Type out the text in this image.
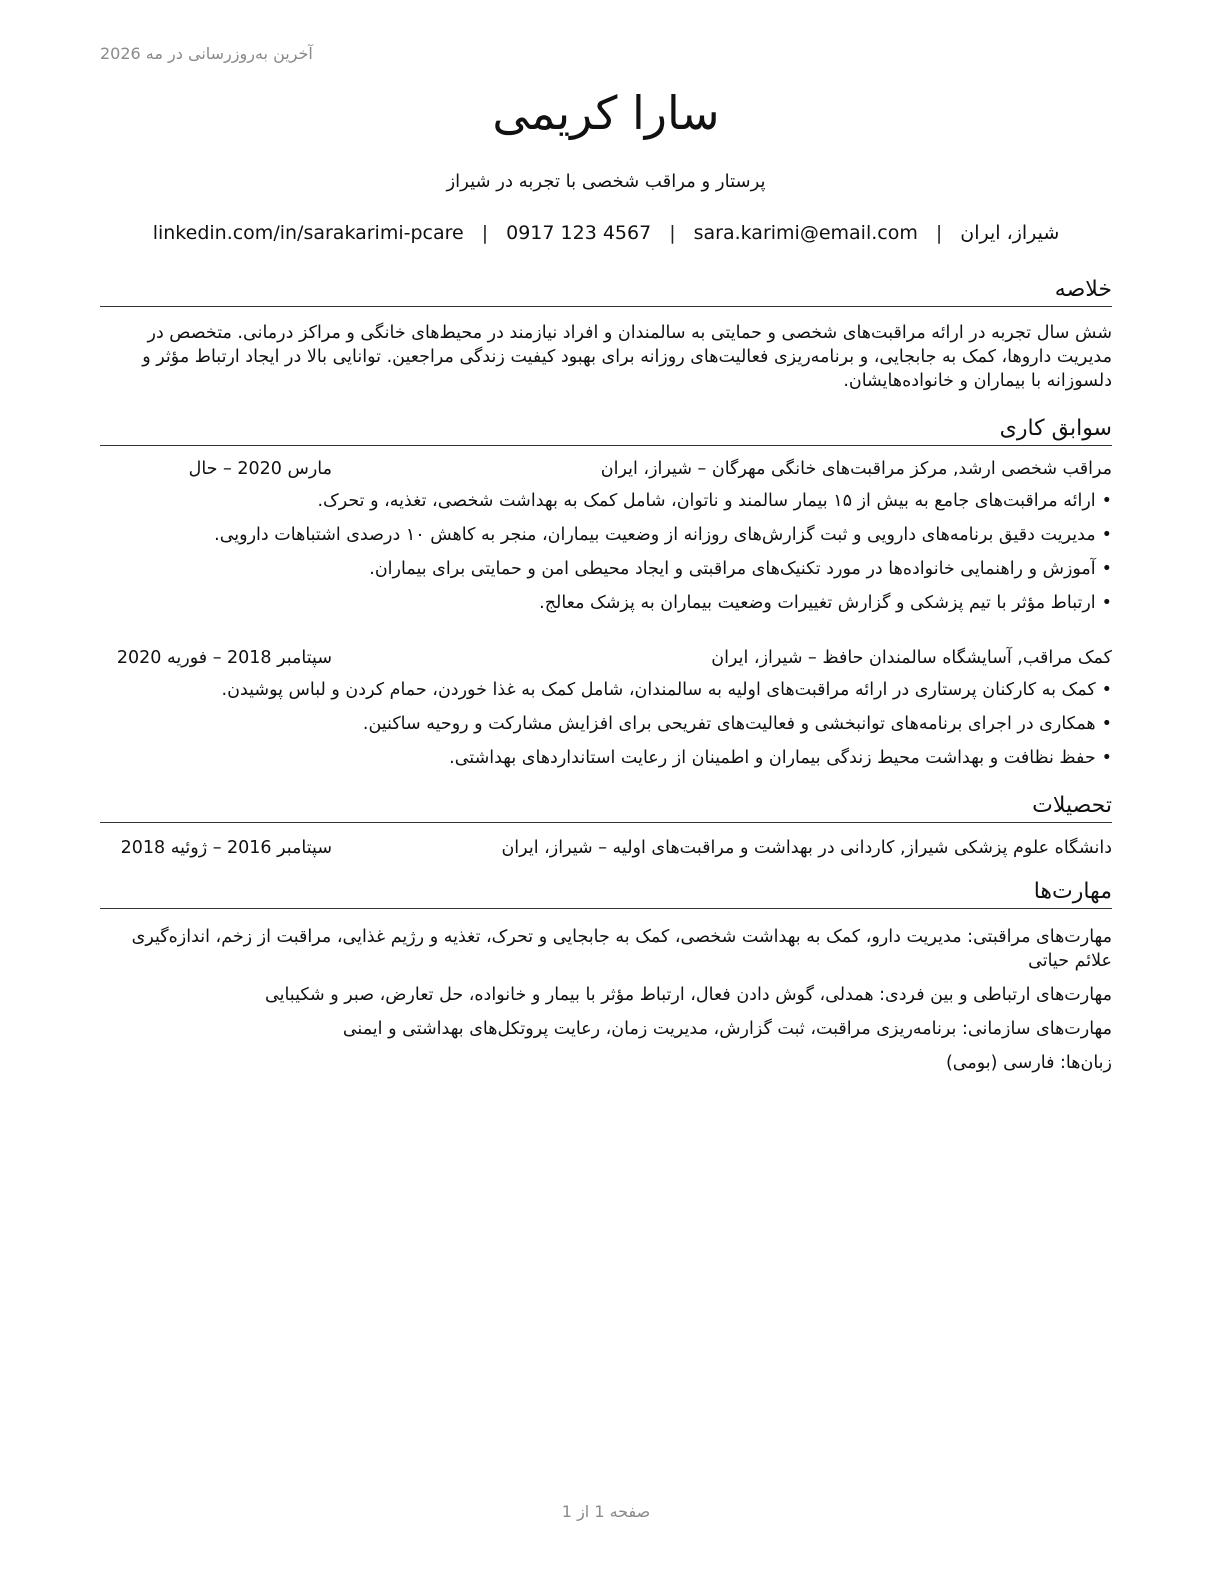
آخرین به‌روزرسانی در مه 2026
سارا کریمی
پرستار و مراقب شخصی با تجربه در شیراز
شیراز، ایران
|
sara.karimi@email.com
|
0917 123 4567
|
linkedin.com/in/sarakarimi-pcare
خلاصه
شش سال تجربه در ارائه مراقبت‌های شخصی و حمایتی به سالمندان و افراد نیازمند در محیط‌های خانگی و مراکز درمانی. متخصص در مدیریت داروها، کمک به جابجایی، و برنامه‌ریزی فعالیت‌های روزانه برای بهبود کیفیت زندگی مراجعین. توانایی بالا در ایجاد ارتباط مؤثر و دلسوزانه با بیماران و خانواده‌هایشان.
سوابق کاری
مراقب شخصی ارشد, مرکز مراقبت‌های خانگی مهرگان – شیراز، ایران
مارس 2020 – حال
•ارائه مراقبت‌های جامع به بیش از ۱۵ بیمار سالمند و ناتوان، شامل کمک به بهداشت شخصی، تغذیه، و تحرک.
•مدیریت دقیق برنامه‌های دارویی و ثبت گزارش‌های روزانه از وضعیت بیماران، منجر به کاهش ۱۰ درصدی اشتباهات دارویی.
•آموزش و راهنمایی خانواده‌ها در مورد تکنیک‌های مراقبتی و ایجاد محیطی امن و حمایتی برای بیماران.
•ارتباط مؤثر با تیم پزشکی و گزارش تغییرات وضعیت بیماران به پزشک معالج.
کمک مراقب, آسایشگاه سالمندان حافظ – شیراز، ایران
سپتامبر 2018 – فوریه 2020
•کمک به کارکنان پرستاری در ارائه مراقبت‌های اولیه به سالمندان، شامل کمک به غذا خوردن، حمام کردن و لباس پوشیدن.
•همکاری در اجرای برنامه‌های توانبخشی و فعالیت‌های تفریحی برای افزایش مشارکت و روحیه ساکنین.
•حفظ نظافت و بهداشت محیط زندگی بیماران و اطمینان از رعایت استانداردهای بهداشتی.
تحصیلات
دانشگاه علوم پزشکی شیراز, کاردانی در بهداشت و مراقبت‌های اولیه – شیراز، ایران
سپتامبر 2016 – ژوئیه 2018
مهارت‌ها
مهارت‌های مراقبتی: مدیریت دارو، کمک به بهداشت شخصی، کمک به جابجایی و تحرک، تغذیه و رژیم غذایی، مراقبت از زخم، اندازه‌گیری علائم حیاتی
مهارت‌های ارتباطی و بین فردی: همدلی، گوش دادن فعال، ارتباط مؤثر با بیمار و خانواده، حل تعارض، صبر و شکیبایی
مهارت‌های سازمانی: برنامه‌ریزی مراقبت، ثبت گزارش، مدیریت زمان، رعایت پروتکل‌های بهداشتی و ایمنی
زبان‌ها: فارسی (بومی)
صفحه 1 از 1
